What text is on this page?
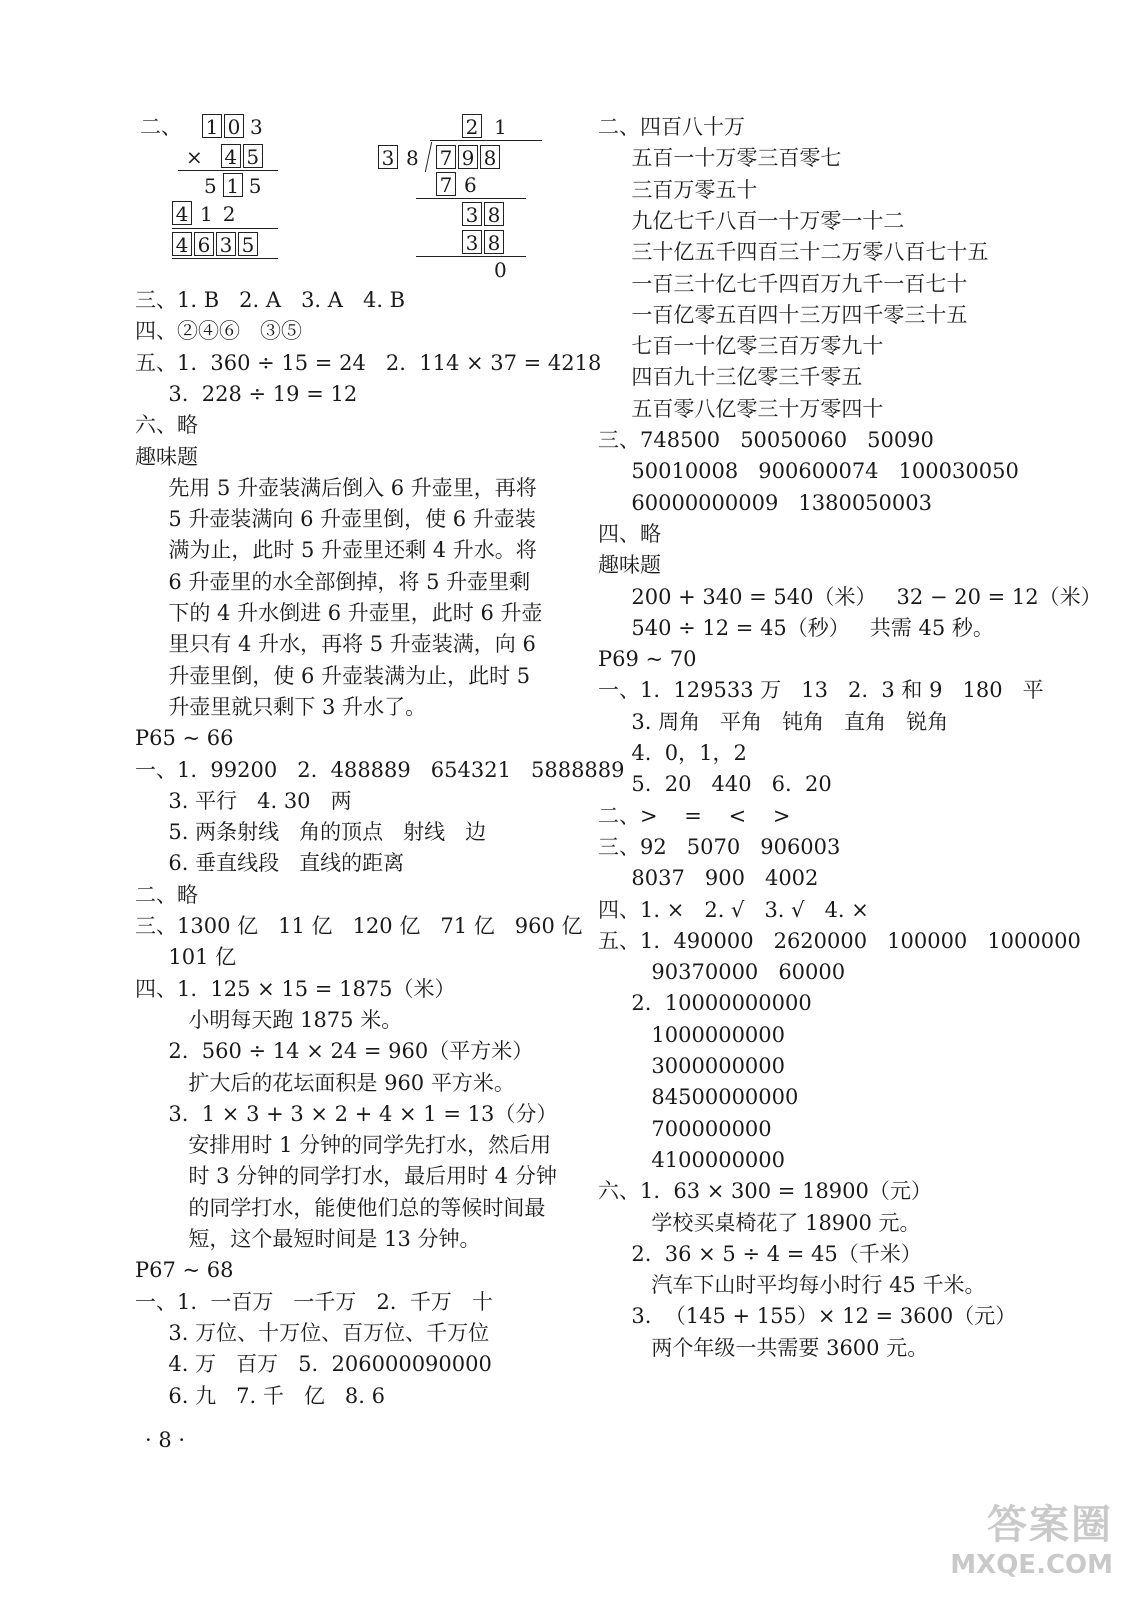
二、 1 0 3
× 4 5
5 1 5
4 1 2
4 6 3 5
2 1
3 8 7 9 8
7 6
3 8
3 8
0
三、1. B   2. A   3. A   4. B
四、②④⑥   ③⑤
五、1.  360 ÷ 15 = 24   2.  114 × 37 = 4218
3.  228 ÷ 19 = 12
六、略
趣味题
先用 5 升壶装满后倒入 6 升壶里，再将
5 升壶装满向 6 升壶里倒，使 6 升壶装
满为止，此时 5 升壶里还剩 4 升水。将
6 升壶里的水全部倒掉，将 5 升壶里剩
下的 4 升水倒进 6 升壶里，此时 6 升壶
里只有 4 升水，再将 5 升壶装满，向 6
升壶里倒，使 6 升壶装满为止，此时 5
升壶里就只剩下 3 升水了。
P65 ~ 66
一、1.  99200   2.  488889   654321   5888889
3. 平行   4. 30   两
5. 两条射线   角的顶点   射线   边
6. 垂直线段   直线的距离
二、略
三、1300 亿   11 亿   120 亿   71 亿   960 亿
101 亿
四、1.  125 × 15 = 1875（米）
小明每天跑 1875 米。
2.  560 ÷ 14 × 24 = 960（平方米）
扩大后的花坛面积是 960 平方米。
3.  1 × 3 + 3 × 2 + 4 × 1 = 13（分）
安排用时 1 分钟的同学先打水，然后用
时 3 分钟的同学打水，最后用时 4 分钟
的同学打水，能使他们总的等候时间最
短，这个最短时间是 13 分钟。
P67 ~ 68
一、1.  一百万   一千万   2.  千万   十
3. 万位、十万位、百万位、千万位
4. 万   百万   5.  206000090000
6. 九   7. 千   亿   8. 6
二、四百八十万
五百一十万零三百零七
三百万零五十
九亿七千八百一十万零一十二
三十亿五千四百三十二万零八百七十五
一百三十亿七千四百万九千一百七十
一百亿零五百四十三万四千零三十五
七百一十亿零三百万零九十
四百九十三亿零三千零五
五百零八亿零三十万零四十
三、748500   50050060   50090
50010008   900600074   100030050
60000000009   1380050003
四、略
趣味题
200 + 340 = 540（米）   32 − 20 = 12（米）
540 ÷ 12 = 45（秒）   共需 45 秒。
P69 ~ 70
一、1.  129533 万   13   2.  3 和 9   180   平
3. 周角   平角   钝角   直角   锐角
4.  0，1，2
5.  20   440   6.  20
二、>    =    <    >
三、92   5070   906003
8037   900   4002
四、1. ×   2. √   3. √   4. ×
五、1.  490000   2620000   100000   1000000
90370000   60000
2.  10000000000
1000000000
3000000000
84500000000
700000000
4100000000
六、1.  63 × 300 = 18900（元）
学校买桌椅花了 18900 元。
2.  36 × 5 ÷ 4 = 45（千米）
汽车下山时平均每小时行 45 千米。
3.  （145 + 155）× 12 = 3600（元）
两个年级一共需要 3600 元。
· 8 ·
答案圈
MXQE.COM
